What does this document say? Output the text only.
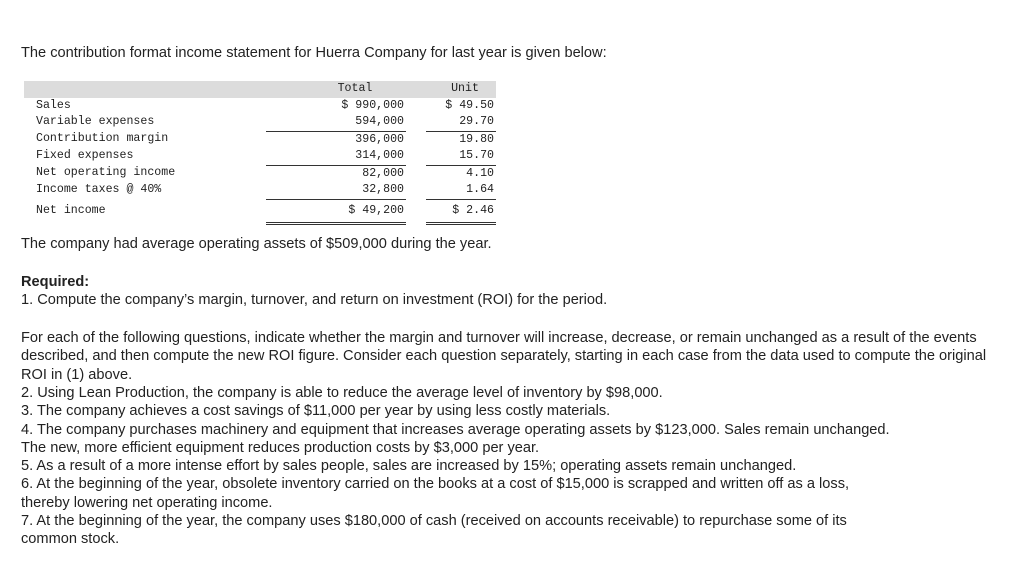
The contribution format income statement for Huerra Company for last year is given below:

	Total		Unit
Sales	$ 990,000		$ 49.50
Variable expenses	594,000		29.70
Contribution margin	396,000		19.80
Fixed expenses	314,000		15.70
Net operating income	82,000		4.10
Income taxes @ 40%	32,800		1.64
Net income	$ 49,200		$ 2.46

The company had average operating assets of $509,000 during the year.

Required:

1. Compute the company’s margin, turnover, and return on investment (ROI) for the period.

For each of the following questions, indicate whether the margin and turnover will increase, decrease, or remain unchanged as a result of the events described, and then compute the new ROI figure. Consider each question separately, starting in each case from the data used to compute the original ROI in (1) above.

2. Using Lean Production, the company is able to reduce the average level of inventory by $98,000.
3. The company achieves a cost savings of $11,000 per year by using less costly materials.
4. The company purchases machinery and equipment that increases average operating assets by $123,000. Sales remain unchanged.
The new, more efficient equipment reduces production costs by $3,000 per year.
5. As a result of a more intense effort by sales people, sales are increased by 15%; operating assets remain unchanged.
6. At the beginning of the year, obsolete inventory carried on the books at a cost of $15,000 is scrapped and written off as a loss,
thereby lowering net operating income.
7. At the beginning of the year, the company uses $180,000 of cash (received on accounts receivable) to repurchase some of its
common stock.
